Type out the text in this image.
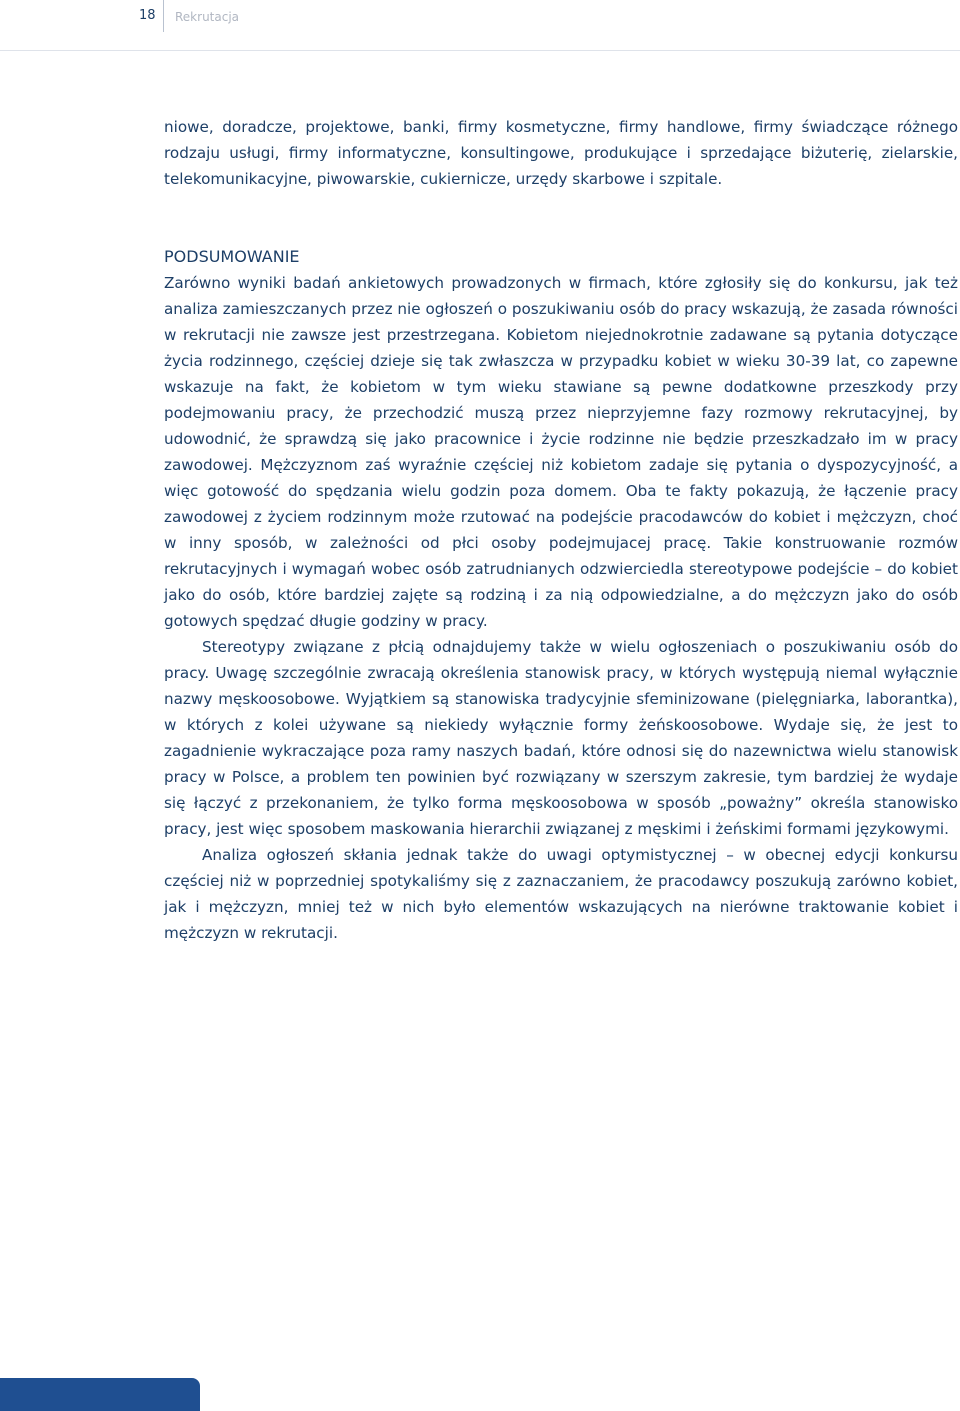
18 Rekrutacja

niowe, doradcze, projektowe, banki, firmy kosmetyczne, firmy handlowe, firmy świadczące różnego rodzaju usługi, firmy informatyczne, konsultingowe, produkujące i sprzedające biżuterię, zielarskie, telekomunikacyjne, piwowarskie, cukiernicze, urzędy skarbowe i szpitale.

PODSUMOWANIE

Zarówno wyniki badań ankietowych prowadzonych w firmach, które zgłosiły się do konkursu, jak też analiza zamieszczanych przez nie ogłoszeń o poszukiwaniu osób do pracy wskazują, że zasada równości w rekrutacji nie zawsze jest przestrzegana. Kobietom niejednokrotnie zadawane są pytania dotyczące życia rodzinnego, częściej dzieje się tak zwłaszcza w przypadku kobiet w wieku 30-39 lat, co zapewne wskazuje na fakt, że kobietom w tym wieku stawiane są pewne dodatkowne przeszkody przy podejmowaniu pracy, że przechodzić muszą przez nieprzyjemne fazy rozmowy rekrutacyjnej, by udowodnić, że sprawdzą się jako pracownice i życie rodzinne nie będzie przeszkadzało im w pracy zawodowej. Mężczyznom zaś wyraźnie częściej niż kobietom zadaje się pytania o dyspozycyjność, a więc gotowość do spędzania wielu godzin poza domem. Oba te fakty pokazują, że łączenie pracy zawodowej z życiem rodzinnym może rzutować na podejście pracodawców do kobiet i mężczyzn, choć w inny sposób, w zależności od płci osoby podejmujacej pracę. Takie konstruowanie rozmów rekrutacyjnych i wymagań wobec osób zatrudnianych odzwierciedla stereotypowe podejście – do kobiet jako do osób, które bardziej zajęte są rodziną i za nią odpowiedzialne, a do mężczyzn jako do osób gotowych spędzać długie godziny w pracy.

Stereotypy związane z płcią odnajdujemy także w wielu ogłoszeniach o poszukiwaniu osób do pracy. Uwagę szczególnie zwracają określenia stanowisk pracy, w których występują niemal wyłącznie nazwy męskoosobowe. Wyjątkiem są stanowiska tradycyjnie sfeminizowane (pielęgniarka, laborantka), w których z kolei używane są niekiedy wyłącznie formy żeńskoosobowe. Wydaje się, że jest to zagadnienie wykraczające poza ramy naszych badań, które odnosi się do nazewnictwa wielu stanowisk pracy w Polsce, a problem ten powinien być rozwiązany w szerszym zakresie, tym bardziej że wydaje się łączyć z przekonaniem, że tylko forma męskoosobowa w sposób „poważny” określa stanowisko pracy, jest więc sposobem maskowania hierarchii związanej z męskimi i żeńskimi formami językowymi.

Analiza ogłoszeń skłania jednak także do uwagi optymistycznej – w obecnej edycji konkursu częściej niż w poprzedniej spotykaliśmy się z zaznaczaniem, że pracodawcy poszukują zarówno kobiet, jak i mężczyzn, mniej też w nich było elementów wskazujących na nierówne traktowanie kobiet i mężczyzn w rekrutacji.
